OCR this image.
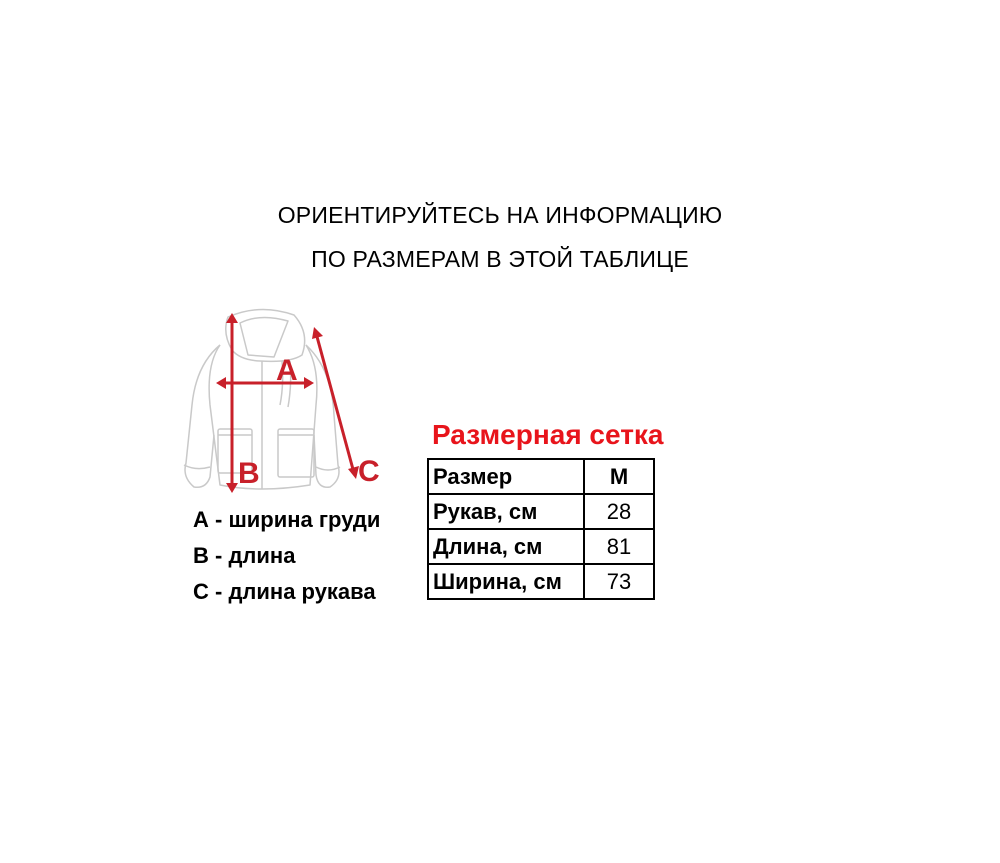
ОРИЕНТИРУЙТЕСЬ НА ИНФОРМАЦИЮ
ПО РАЗМЕРАМ В ЭТОЙ ТАБЛИЦЕ
A
B	C
А - ширина груди
В - длина
С - длина рукава
Размерная сетка
Размер	M
Рукав, см	28
Длина, см	81
Ширина, см	73
